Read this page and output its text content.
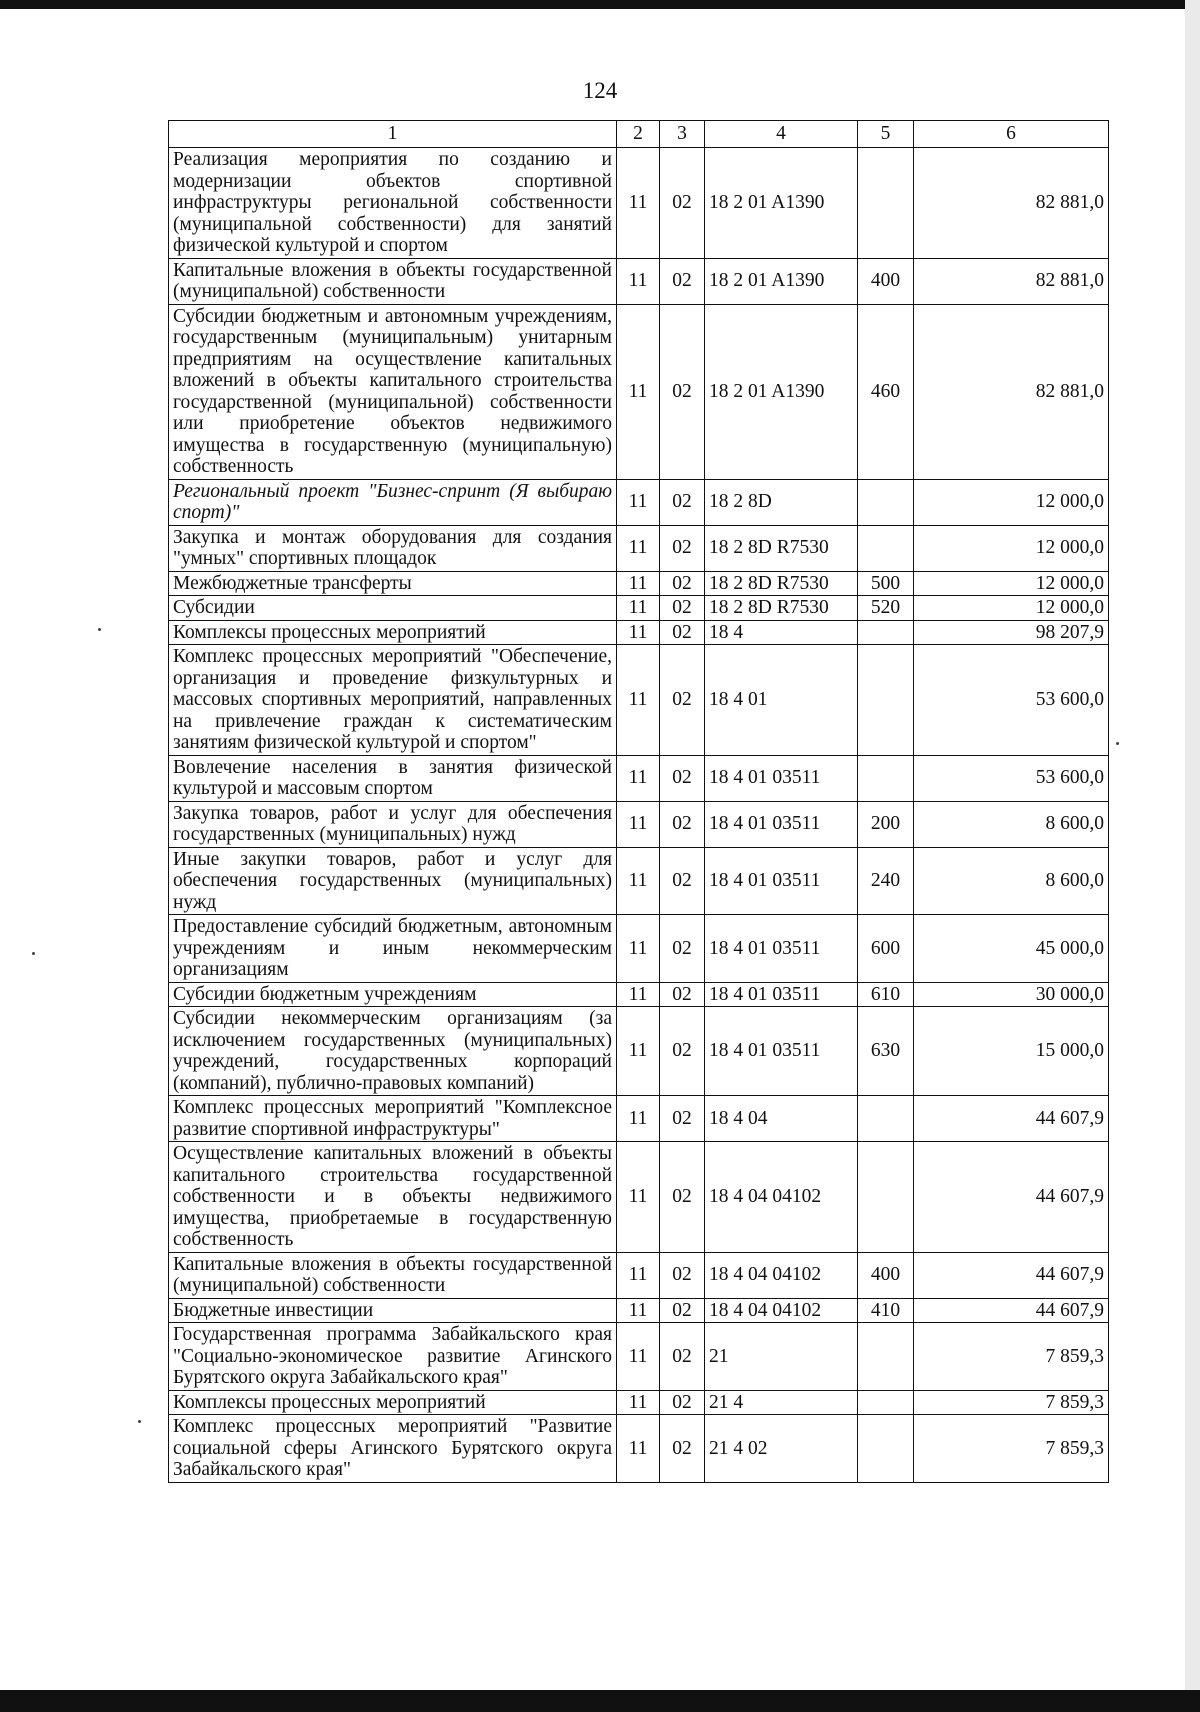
124
1	2	3	4	5	6
Реализация мероприятия по созданию и модернизации объектов спортивной инфраструктуры региональной собственности (муниципальной собственности) для занятий физической культурой и спортом	11	02	18 2 01 A1390		82 881,0
Капитальные вложения в объекты государственной (муниципальной) собственности	11	02	18 2 01 A1390	400	82 881,0
Субсидии бюджетным и автономным учреждениям, государственным (муниципальным) унитарным предприятиям на осуществление капитальных вложений в объекты капитального строительства государственной (муниципальной) собственности или приобретение объектов недвижимого имущества в государственную (муниципальную) собственность	11	02	18 2 01 A1390	460	82 881,0
Региональный проект "Бизнес-спринт (Я выбираю спорт)"	11	02	18 2 8D		12 000,0
Закупка и монтаж оборудования для создания "умных" спортивных площадок	11	02	18 2 8D R7530		12 000,0
Межбюджетные трансферты	11	02	18 2 8D R7530	500	12 000,0
Субсидии	11	02	18 2 8D R7530	520	12 000,0
Комплексы процессных мероприятий	11	02	18 4		98 207,9
Комплекс процессных мероприятий "Обеспечение, организация и проведение физкультурных и массовых спортивных мероприятий, направленных на привлечение граждан к систематическим занятиям физической культурой и спортом"	11	02	18 4 01		53 600,0
Вовлечение населения в занятия физической культурой и массовым спортом	11	02	18 4 01 03511		53 600,0
Закупка товаров, работ и услуг для обеспечения государственных (муниципальных) нужд	11	02	18 4 01 03511	200	8 600,0
Иные закупки товаров, работ и услуг для обеспечения государственных (муниципальных) нужд	11	02	18 4 01 03511	240	8 600,0
Предоставление субсидий бюджетным, автономным учреждениям и иным некоммерческим организациям	11	02	18 4 01 03511	600	45 000,0
Субсидии бюджетным учреждениям	11	02	18 4 01 03511	610	30 000,0
Субсидии некоммерческим организациям (за исключением государственных (муниципальных) учреждений, государственных корпораций (компаний), публично-правовых компаний)	11	02	18 4 01 03511	630	15 000,0
Комплекс процессных мероприятий "Комплексное развитие спортивной инфраструктуры"	11	02	18 4 04		44 607,9
Осуществление капитальных вложений в объекты капитального строительства государственной собственности и в объекты недвижимого имущества, приобретаемые в государственную собственность	11	02	18 4 04 04102		44 607,9
Капитальные вложения в объекты государственной (муниципальной) собственности	11	02	18 4 04 04102	400	44 607,9
Бюджетные инвестиции	11	02	18 4 04 04102	410	44 607,9
Государственная программа Забайкальского края "Социально-экономическое развитие Агинского Бурятского округа Забайкальского края"	11	02	21		7 859,3
Комплексы процессных мероприятий	11	02	21 4		7 859,3
Комплекс процессных мероприятий "Развитие социальной сферы Агинского Бурятского округа Забайкальского края"	11	02	21 4 02		7 859,3
